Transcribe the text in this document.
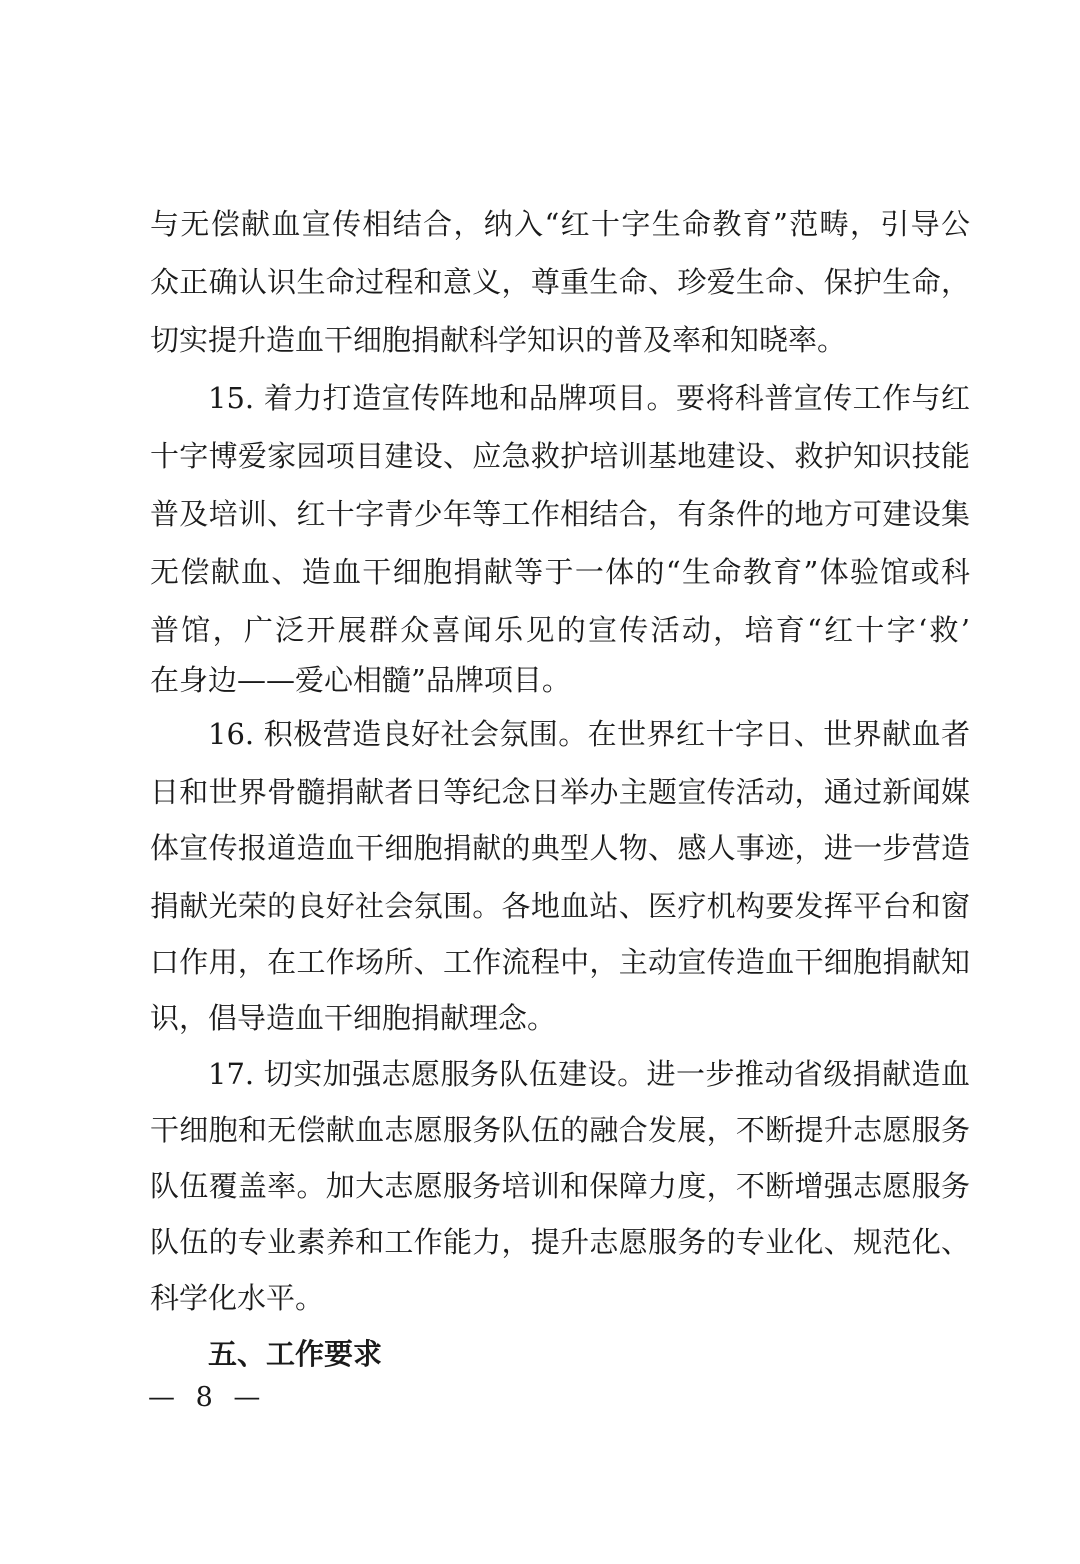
与无偿献血宣传相结合，纳入“红十字生命教育”范畴，引导公
众正确认识生命过程和意义，尊重生命、珍爱生命、保护生命，
切实提升造血干细胞捐献科学知识的普及率和知晓率。
15. 着力打造宣传阵地和品牌项目。要将科普宣传工作与红
十字博爱家园项目建设、应急救护培训基地建设、救护知识技能
普及培训、红十字青少年等工作相结合，有条件的地方可建设集
无偿献血、造血干细胞捐献等于一体的“生命教育”体验馆或科
普馆，广泛开展群众喜闻乐见的宣传活动，培育“红十字‘救’
在身边——爱心相髓”品牌项目。
16. 积极营造良好社会氛围。在世界红十字日、世界献血者
日和世界骨髓捐献者日等纪念日举办主题宣传活动，通过新闻媒
体宣传报道造血干细胞捐献的典型人物、感人事迹，进一步营造
捐献光荣的良好社会氛围。各地血站、医疗机构要发挥平台和窗
口作用，在工作场所、工作流程中，主动宣传造血干细胞捐献知
识，倡导造血干细胞捐献理念。
17. 切实加强志愿服务队伍建设。进一步推动省级捐献造血
干细胞和无偿献血志愿服务队伍的融合发展，不断提升志愿服务
队伍覆盖率。加大志愿服务培训和保障力度，不断增强志愿服务
队伍的专业素养和工作能力，提升志愿服务的专业化、规范化、
科学化水平。
五、工作要求
— 8 —
